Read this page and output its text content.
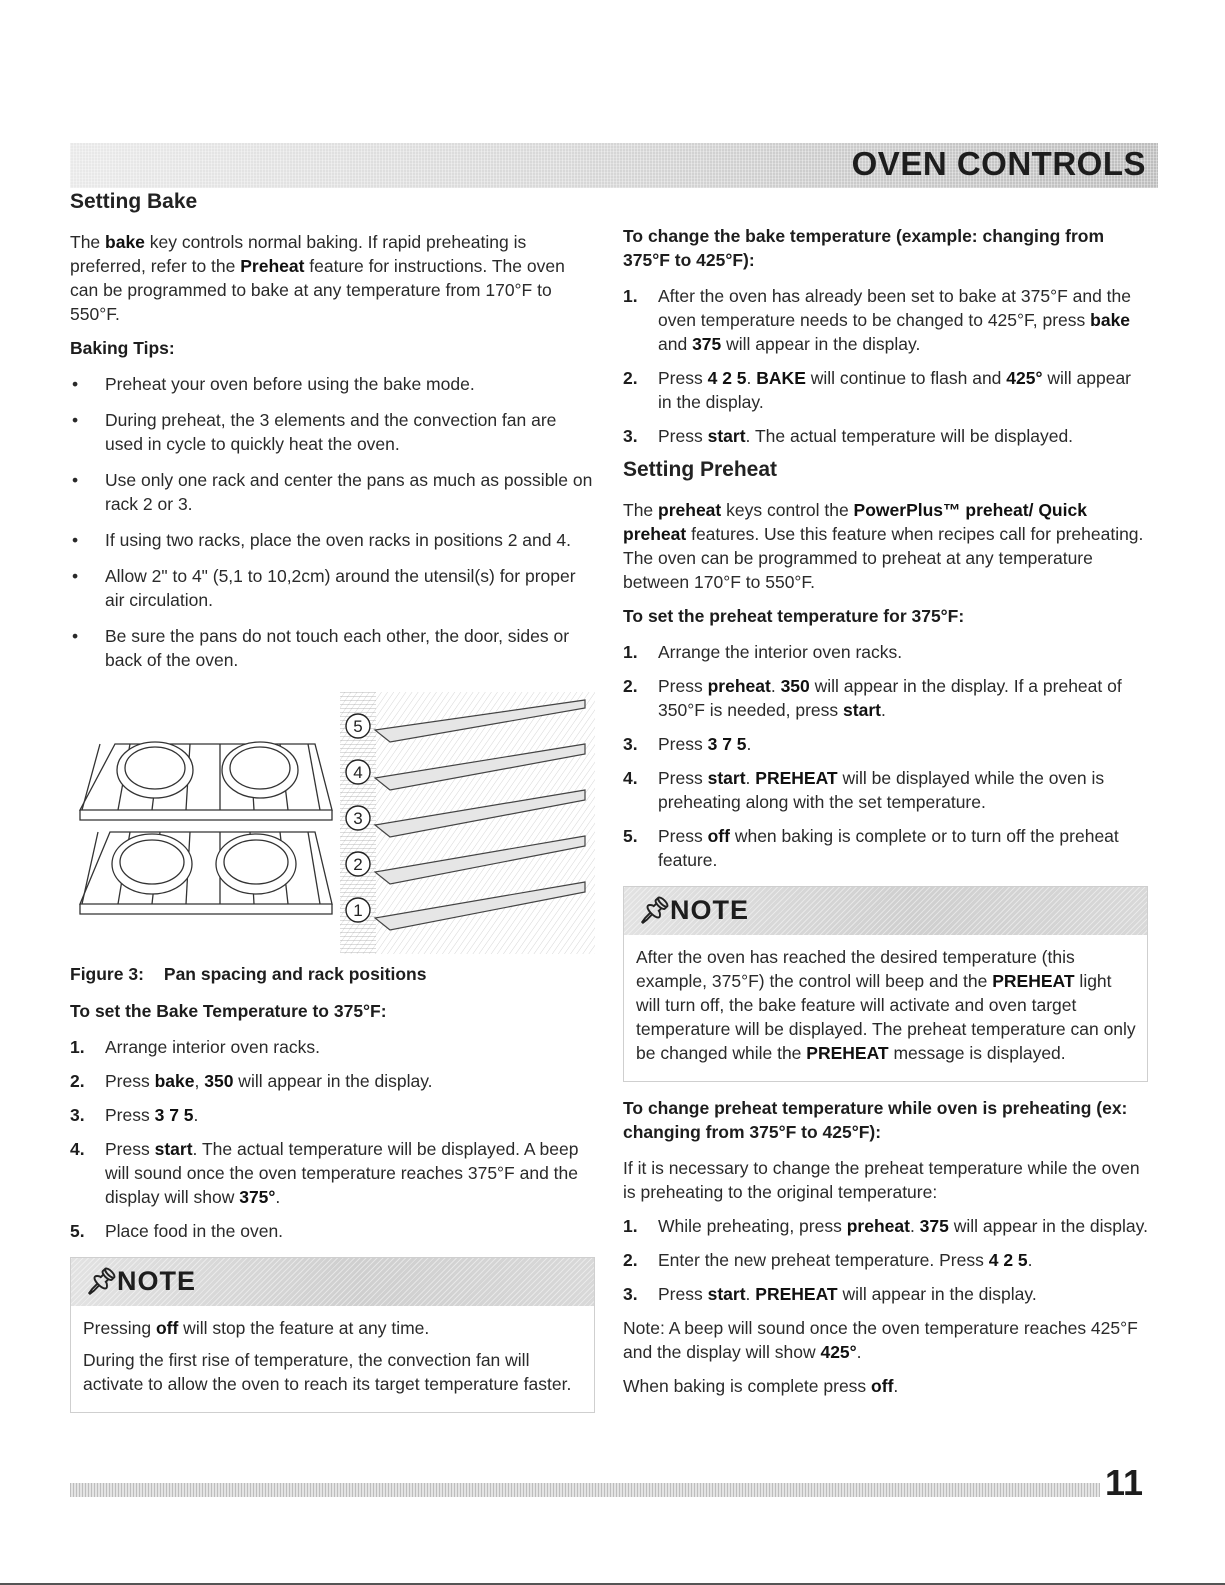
OVEN CONTROLS
Setting Bake

The bake key controls normal baking. If rapid preheating is preferred, refer to the Preheat feature for instructions. The oven can be programmed to bake at any temperature from 170°F to 550°F.

Baking Tips:
• Preheat your oven before using the bake mode.
• During preheat, the 3 elements and the convection fan are used in cycle to quickly heat the oven.
• Use only one rack and center the pans as much as possible on rack 2 or 3.
• If using two racks, place the oven racks in positions 2 and 4.
• Allow 2" to 4" (5,1 to 10,2cm) around the utensil(s) for proper air circulation.
• Be sure the pans do not touch each other, the door, sides or back of the oven.
5
4
3
2
1
Figure 3: Pan spacing and rack positions
To set the Bake Temperature to 375°F:
1. Arrange interior oven racks.
2. Press bake, 350 will appear in the display.
3. Press 3 7 5.
4. Press start. The actual temperature will be displayed. A beep will sound once the oven temperature reaches 375°F and the display will show 375°.
5. Place food in the oven.
📌︎
NOTE

Pressing off will stop the feature at any time.

During the first rise of temperature, the convection fan will activate to allow the oven to reach its target temperature faster.

To change the bake temperature (example: changing from 375°F to 425°F):
1. After the oven has already been set to bake at 375°F and the oven temperature needs to be changed to 425°F, press bake and 375 will appear in the display.
2. Press 4 2 5. BAKE will continue to flash and 425° will appear in the display.
3. Press start. The actual temperature will be displayed.
Setting Preheat

The preheat keys control the PowerPlus™ preheat/ Quick preheat features. Use this feature when recipes call for preheating. The oven can be programmed to preheat at any temperature between 170°F to 550°F.

To set the preheat temperature for 375°F:
1. Arrange the interior oven racks.
2. Press preheat. 350 will appear in the display. If a preheat of 350°F is needed, press start.
3. Press 3 7 5.
4. Press start. PREHEAT will be displayed while the oven is preheating along with the set temperature.
5. Press off when baking is complete or to turn off the preheat feature.
📌︎
NOTE

After the oven has reached the desired temperature (this example, 375°F) the control will beep and the PREHEAT light will turn off, the bake feature will activate and oven target temperature will be displayed. The preheat temperature can only be changed while the PREHEAT message is displayed.

To change preheat temperature while oven is preheating (ex: changing from 375°F to 425°F):

If it is necessary to change the preheat temperature while the oven is preheating to the original temperature:

1. While preheating, press preheat. 375 will appear in the display.
2. Enter the new preheat temperature. Press 4 2 5.
3. Press start. PREHEAT will appear in the display.

Note: A beep will sound once the oven temperature reaches 425°F and the display will show 425°.

When baking is complete press off.

11
